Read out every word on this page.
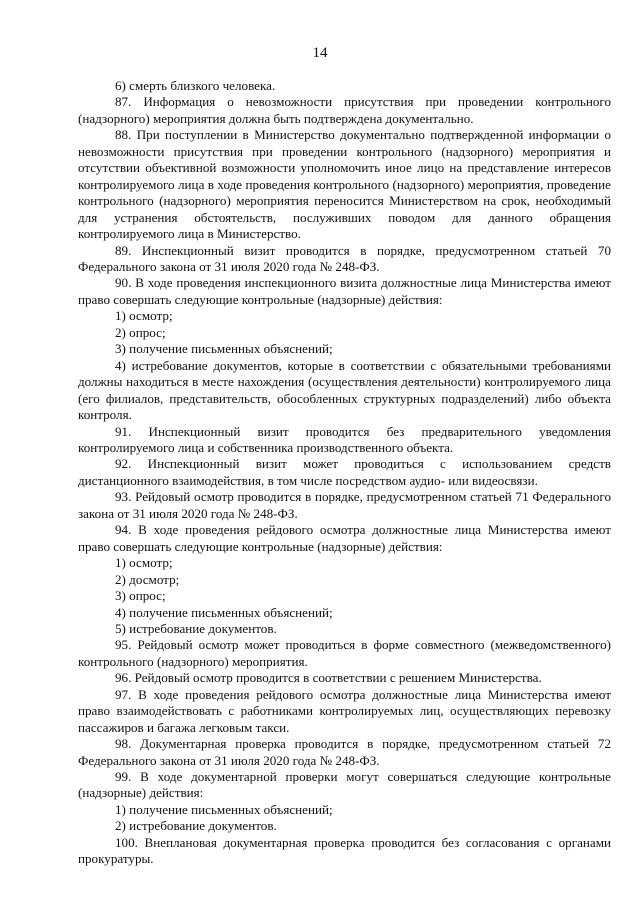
14

6) смерть близкого человека.

87. Информация о невозможности присутствия при проведении контрольного (надзорного) мероприятия должна быть подтверждена документально.

88. При поступлении в Министерство документально подтвержденной информации о невозможности присутствия при проведении контрольного (надзорного) мероприятия и отсутствии объективной возможности уполномочить иное лицо на представление интересов контролируемого лица в ходе проведения контрольного (надзорного) мероприятия, проведение контрольного (надзорного) мероприятия переносится Министерством на срок, необходимый для устранения обстоятельств, послуживших поводом для данного обращения контролируемого лица в Министерство.

89. Инспекционный визит проводится в порядке, предусмотренном статьей 70 Федерального закона от 31 июля 2020 года № 248-ФЗ.

90. В ходе проведения инспекционного визита должностные лица Министерства имеют право совершать следующие контрольные (надзорные) действия:

1) осмотр;

2) опрос;

3) получение письменных объяснений;

4) истребование документов, которые в соответствии с обязательными требованиями должны находиться в месте нахождения (осуществления деятельности) контролируемого лица (его филиалов, представительств, обособленных структурных подразделений) либо объекта контроля.

91. Инспекционный визит проводится без предварительного уведомления контролируемого лица и собственника производственного объекта.

92. Инспекционный визит может проводиться с использованием средств дистанционного взаимодействия, в том числе посредством аудио- или видеосвязи.

93. Рейдовый осмотр проводится в порядке, предусмотренном статьей 71 Федерального закона от 31 июля 2020 года № 248-ФЗ.

94. В ходе проведения рейдового осмотра должностные лица Министерства имеют право совершать следующие контрольные (надзорные) действия:

1) осмотр;

2) досмотр;

3) опрос;

4) получение письменных объяснений;

5) истребование документов.

95. Рейдовый осмотр может проводиться в форме совместного (межведомственного) контрольного (надзорного) мероприятия.

96. Рейдовый осмотр проводится в соответствии с решением Министерства.

97. В ходе проведения рейдового осмотра должностные лица Министерства имеют право взаимодействовать с работниками контролируемых лиц, осуществляющих перевозку пассажиров и багажа легковым такси.

98. Документарная проверка проводится в порядке, предусмотренном статьей 72 Федерального закона от 31 июля 2020 года № 248-ФЗ.

99. В ходе документарной проверки могут совершаться следующие контрольные (надзорные) действия:

1) получение письменных объяснений;

2) истребование документов.

100. Внеплановая документарная проверка проводится без согласования с органами прокуратуры.
